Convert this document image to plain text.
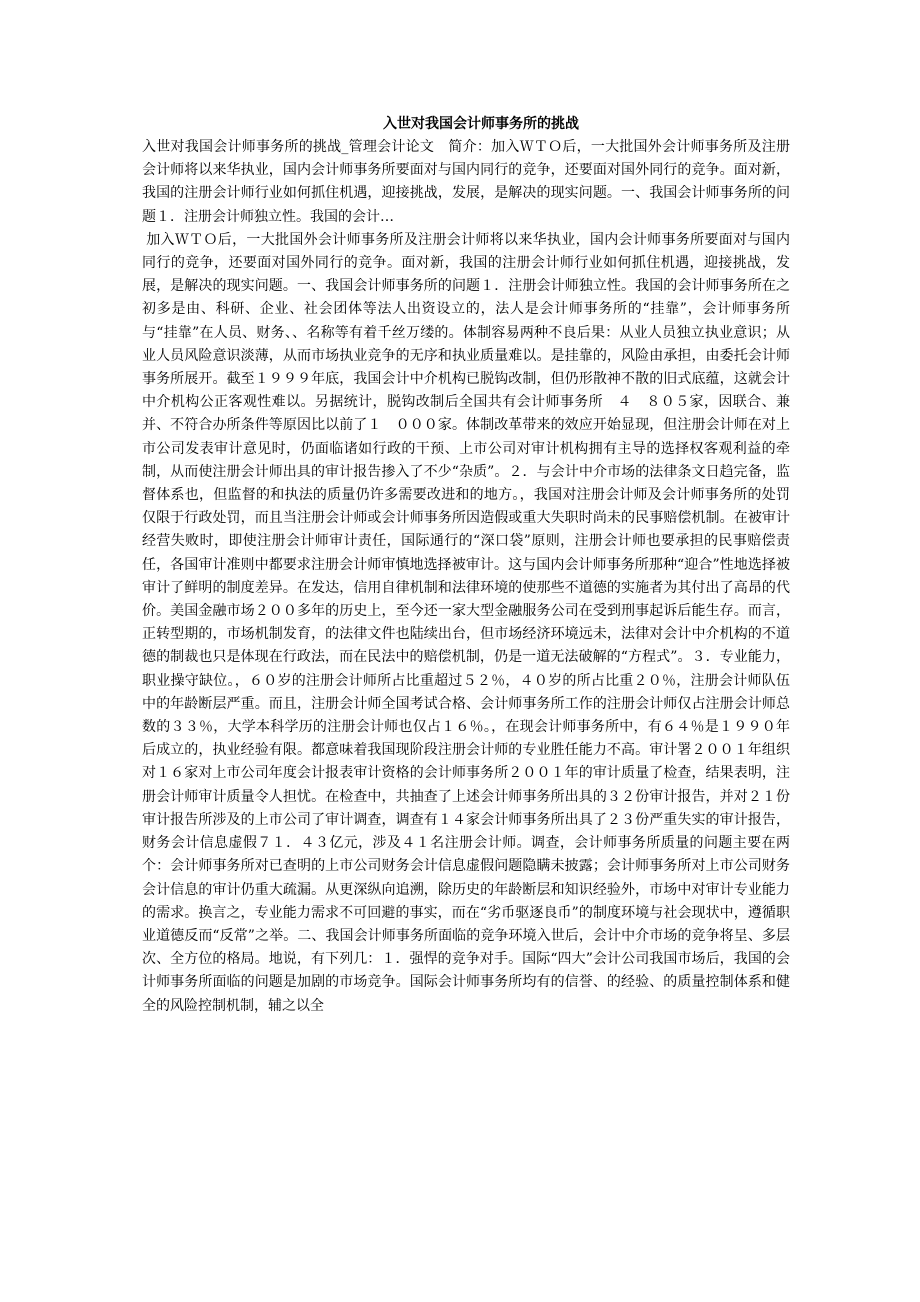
入世对我国会计师事务所的挑战

入世对我国会计师事务所的挑战_管理会计论文　简介：加入ＷＴＯ后，一大批国外会计师事务所及注册会计师将以来华执业，国内会计师事务所要面对与国内同行的竞争，还要面对国外同行的竞争。面对新，我国的注册会计师行业如何抓住机遇，迎接挑战，发展，是解决的现实问题。一、我国会计师事务所的问题１．注册会计师独立性。我国的会计…

加入ＷＴＯ后，一大批国外会计师事务所及注册会计师将以来华执业，国内会计师事务所要面对与国内同行的竞争，还要面对国外同行的竞争。面对新，我国的注册会计师行业如何抓住机遇，迎接挑战，发展，是解决的现实问题。一、我国会计师事务所的问题１．注册会计师独立性。我国的会计师事务所在之初多是由、科研、企业、社会团体等法人出资设立的，法人是会计师事务所的“挂靠”，会计师事务所与“挂靠”在人员、财务、、名称等有着千丝万缕的。体制容易两种不良后果：从业人员独立执业意识；从业人员风险意识淡薄，从而市场执业竞争的无序和执业质量难以。是挂靠的，风险由承担，由委托会计师事务所展开。截至１９９９年底，我国会计中介机构已脱钩改制，但仍形散神不散的旧式底蕴，这就会计中介机构公正客观性难以。另据统计，脱钩改制后全国共有会计师事务所　４　８０５家，因联合、兼并、不符合办所条件等原因比以前了１　０００家。体制改革带来的效应开始显现，但注册会计师在对上市公司发表审计意见时，仍面临诸如行政的干预、上市公司对审计机构拥有主导的选择权客观利益的牵制，从而使注册会计师出具的审计报告掺入了不少“杂质”。２．与会计中介市场的法律条文日趋完备，监督体系也，但监督的和执法的质量仍许多需要改进和的地方。，我国对注册会计师及会计师事务所的处罚仅限于行政处罚，而且当注册会计师或会计师事务所因造假或重大失职时尚未的民事赔偿机制。在被审计经营失败时，即使注册会计师审计责任，国际通行的“深口袋”原则，注册会计师也要承担的民事赔偿责任，各国审计准则中都要求注册会计师审慎地选择被审计。这与国内会计师事务所那种“迎合”性地选择被审计了鲜明的制度差异。在发达，信用自律机制和法律环境的使那些不道德的实施者为其付出了高昂的代价。美国金融市场２００多年的历史上，至今还一家大型金融服务公司在受到刑事起诉后能生存。而言，正转型期的，市场机制发育，的法律文件也陆续出台，但市场经济环境远未，法律对会计中介机构的不道德的制裁也只是体现在行政法，而在民法中的赔偿机制，仍是一道无法破解的“方程式”。３．专业能力，职业操守缺位。，６０岁的注册会计师所占比重超过５２％，４０岁的所占比重２０％，注册会计师队伍中的年龄断层严重。而且，注册会计师全国考试合格、会计师事务所工作的注册会计师仅占注册会计师总数的３３％，大学本科学历的注册会计师也仅占１６％。，在现会计师事务所中，有６４％是１９９０年后成立的，执业经验有限。都意味着我国现阶段注册会计师的专业胜任能力不高。审计署２００１年组织对１６家对上市公司年度会计报表审计资格的会计师事务所２００１年的审计质量了检查，结果表明，注册会计师审计质量令人担忧。在检查中，共抽查了上述会计师事务所出具的３２份审计报告，并对２１份审计报告所涉及的上市公司了审计调查，调查有１４家会计师事务所出具了２３份严重失实的审计报告，财务会计信息虚假７１．４３亿元，涉及４１名注册会计师。调查，会计师事务所质量的问题主要在两个：会计师事务所对已查明的上市公司财务会计信息虚假问题隐瞒未披露；会计师事务所对上市公司财务会计信息的审计仍重大疏漏。从更深纵向追溯，除历史的年龄断层和知识经验外，市场中对审计专业能力的需求。换言之，专业能力需求不可回避的事实，而在“劣币驱逐良币”的制度环境与社会现状中，遵循职业道德反而“反常”之举。二、我国会计师事务所面临的竞争环境入世后，会计中介市场的竞争将呈、多层次、全方位的格局。地说，有下列几：１．强悍的竞争对手。国际“四大”会计公司我国市场后，我国的会计师事务所面临的问题是加剧的市场竞争。国际会计师事务所均有的信誉、的经验、的质量控制体系和健全的风险控制机制，辅之以全
